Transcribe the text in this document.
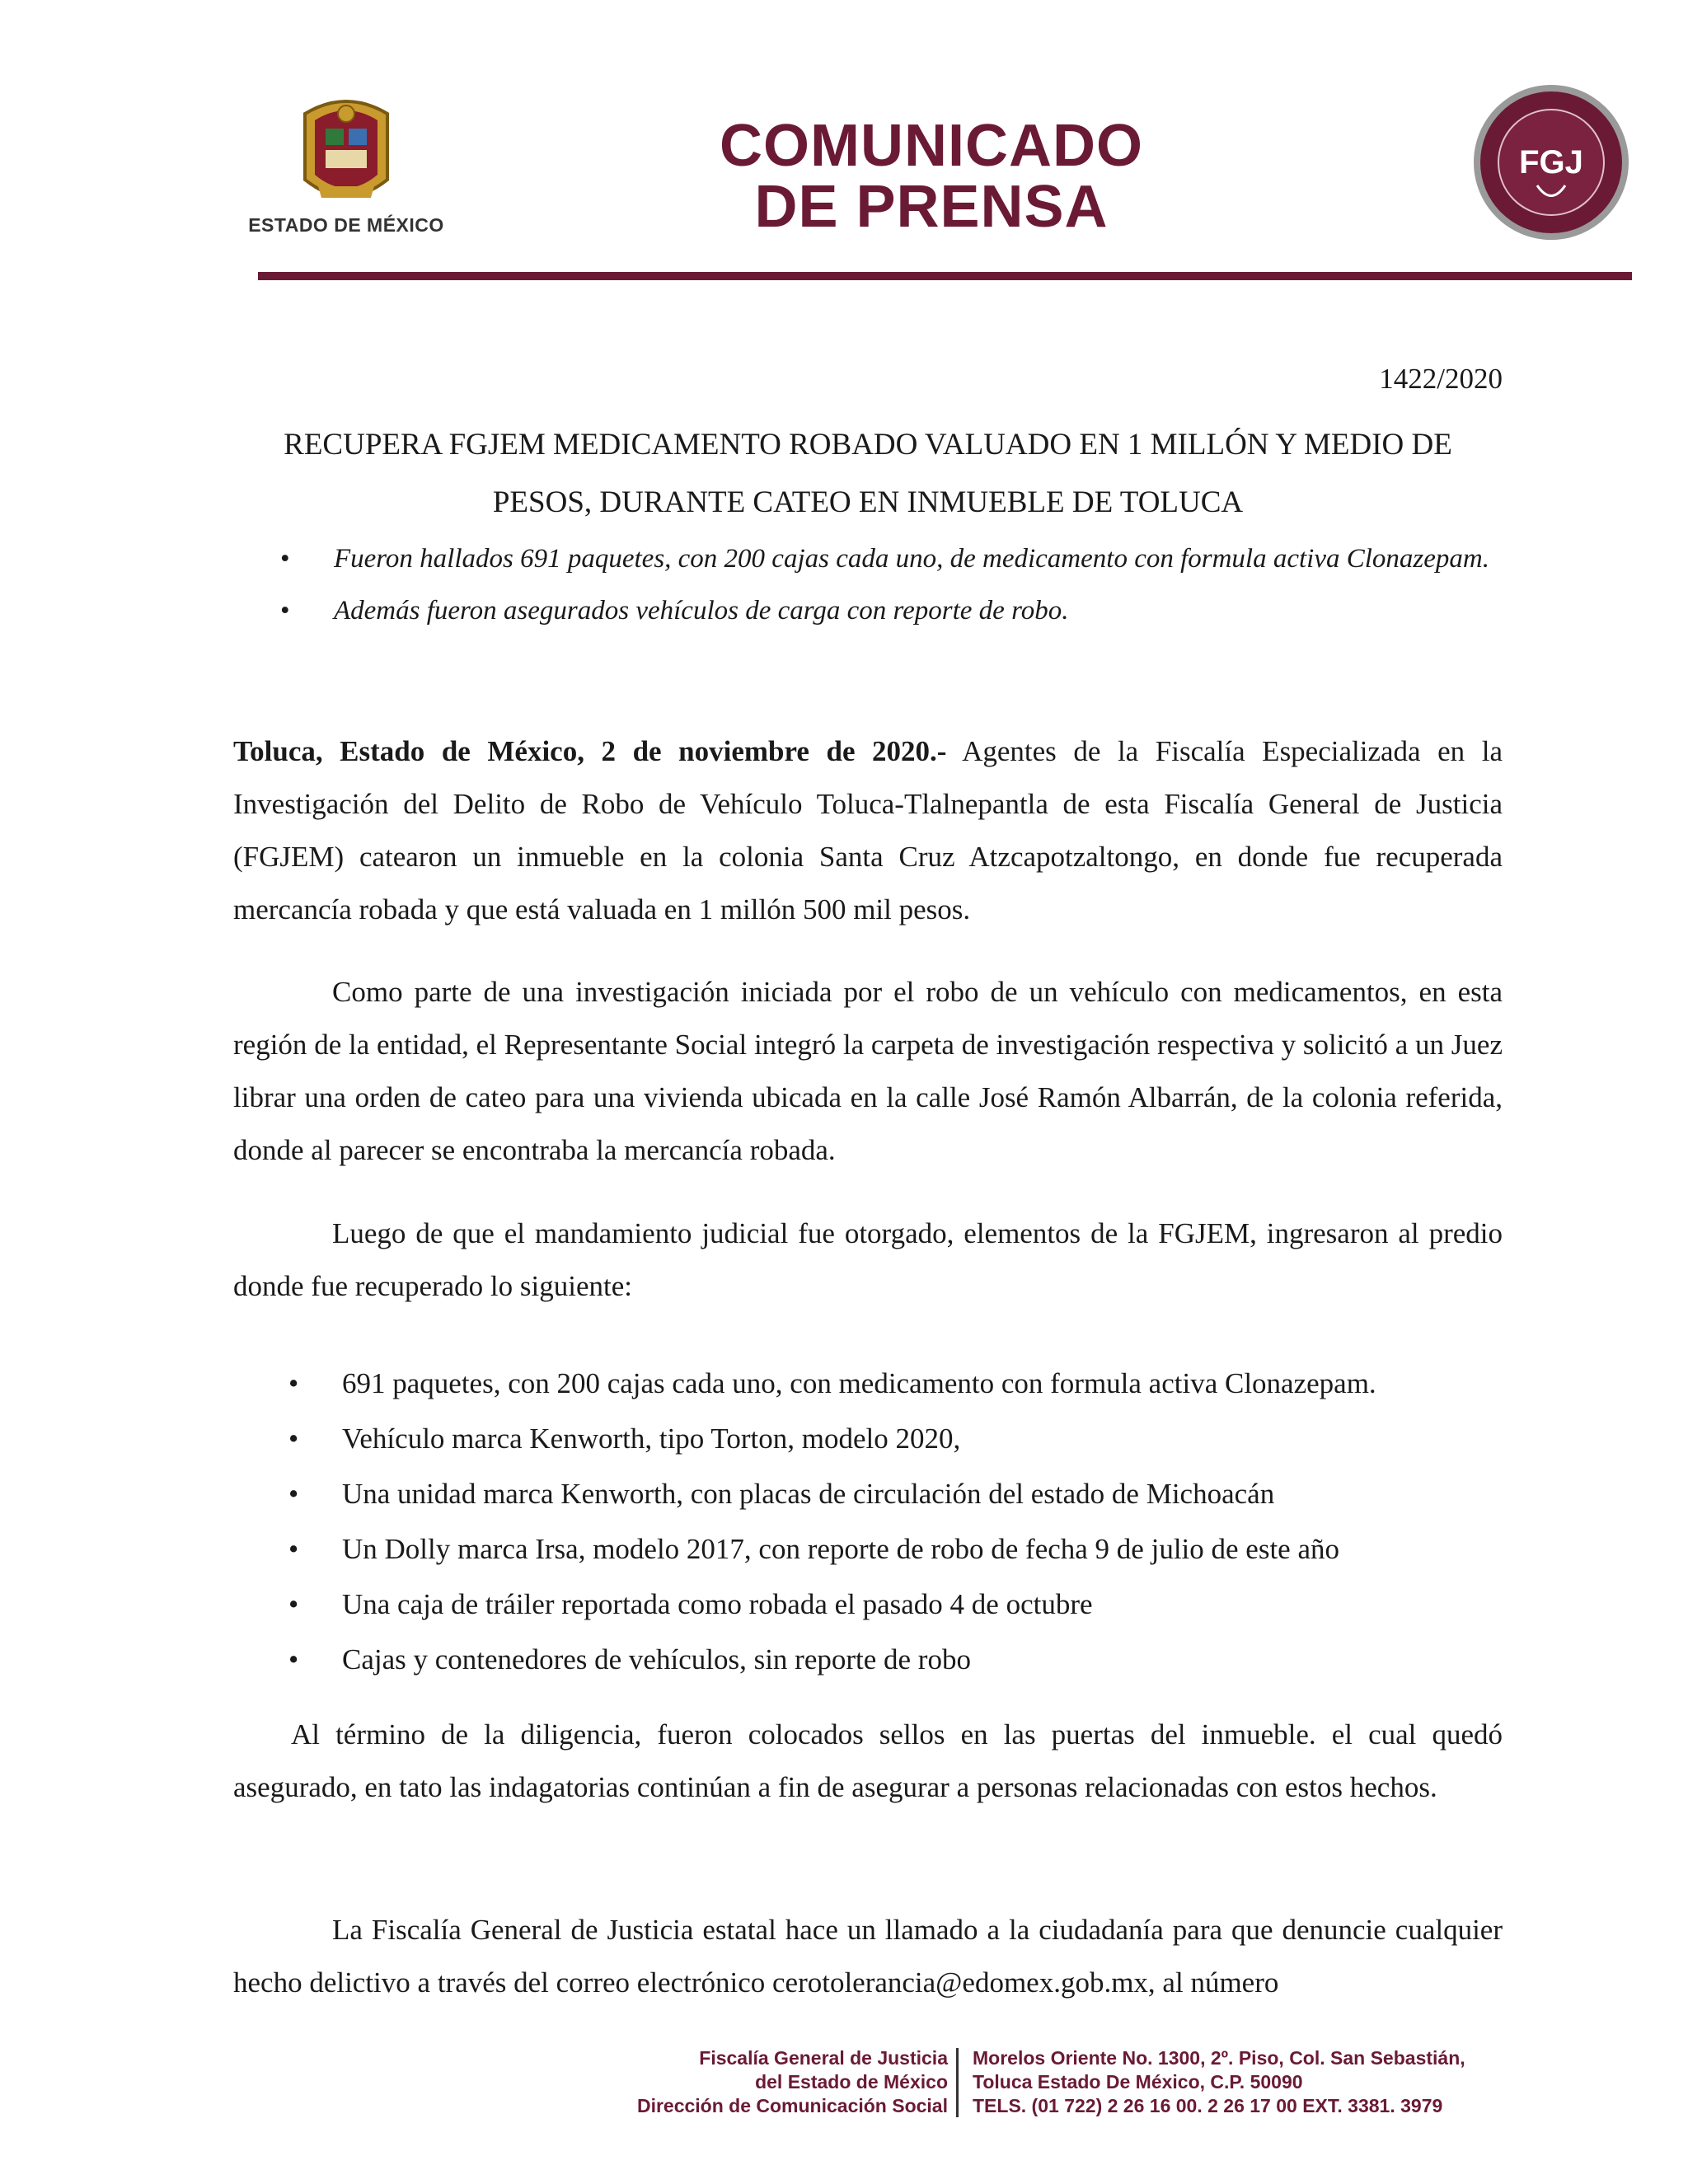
ESTADO DE MÉXICO
COMUNICADO
DE PRENSA
FGJ
1422/2020
RECUPERA FGJEM MEDICAMENTO ROBADO VALUADO EN 1 MILLÓN Y MEDIO DE
PESOS, DURANTE CATEO EN INMUEBLE DE TOLUCA
• Fueron hallados 691 paquetes, con 200 cajas cada uno, de medicamento con formula activa Clonazepam.
• Además fueron asegurados vehículos de carga con reporte de robo.

Toluca, Estado de México, 2 de noviembre de 2020.- Agentes de la Fiscalía Especializada en la Investigación del Delito de Robo de Vehículo Toluca-Tlalnepantla de esta Fiscalía General de Justicia (FGJEM) catearon un inmueble en la colonia Santa Cruz Atzcapotzaltongo, en donde fue recuperada mercancía robada y que está valuada en 1 millón 500 mil pesos.

Como parte de una investigación iniciada por el robo de un vehículo con medicamentos, en esta región de la entidad, el Representante Social integró la carpeta de investigación respectiva y solicitó a un Juez librar una orden de cateo para una vivienda ubicada en la calle José Ramón Albarrán, de la colonia referida, donde al parecer se encontraba la mercancía robada.

Luego de que el mandamiento judicial fue otorgado, elementos de la FGJEM, ingresaron al predio donde fue recuperado lo siguiente:

• 691 paquetes, con 200 cajas cada uno, con medicamento con formula activa Clonazepam.
• Vehículo marca Kenworth, tipo Torton, modelo 2020,
• Una unidad marca Kenworth, con placas de circulación del estado de Michoacán
• Un Dolly marca Irsa, modelo 2017, con reporte de robo de fecha 9 de julio de este año
• Una caja de tráiler reportada como robada el pasado 4 de octubre
• Cajas y contenedores de vehículos, sin reporte de robo

Al término de la diligencia, fueron colocados sellos en las puertas del inmueble. el cual quedó asegurado, en tato las indagatorias continúan a fin de asegurar a personas relacionadas con estos hechos.

La Fiscalía General de Justicia estatal hace un llamado a la ciudadanía para que denuncie cualquier hecho delictivo a través del correo electrónico cerotolerancia@edomex.gob.mx, al número

Fiscalía General de Justicia
del Estado de México
Dirección de Comunicación Social
Morelos Oriente No. 1300, 2º. Piso, Col. San Sebastián,
Toluca Estado De México, C.P. 50090
TELS. (01 722) 2 26 16 00. 2 26 17 00 EXT. 3381. 3979
